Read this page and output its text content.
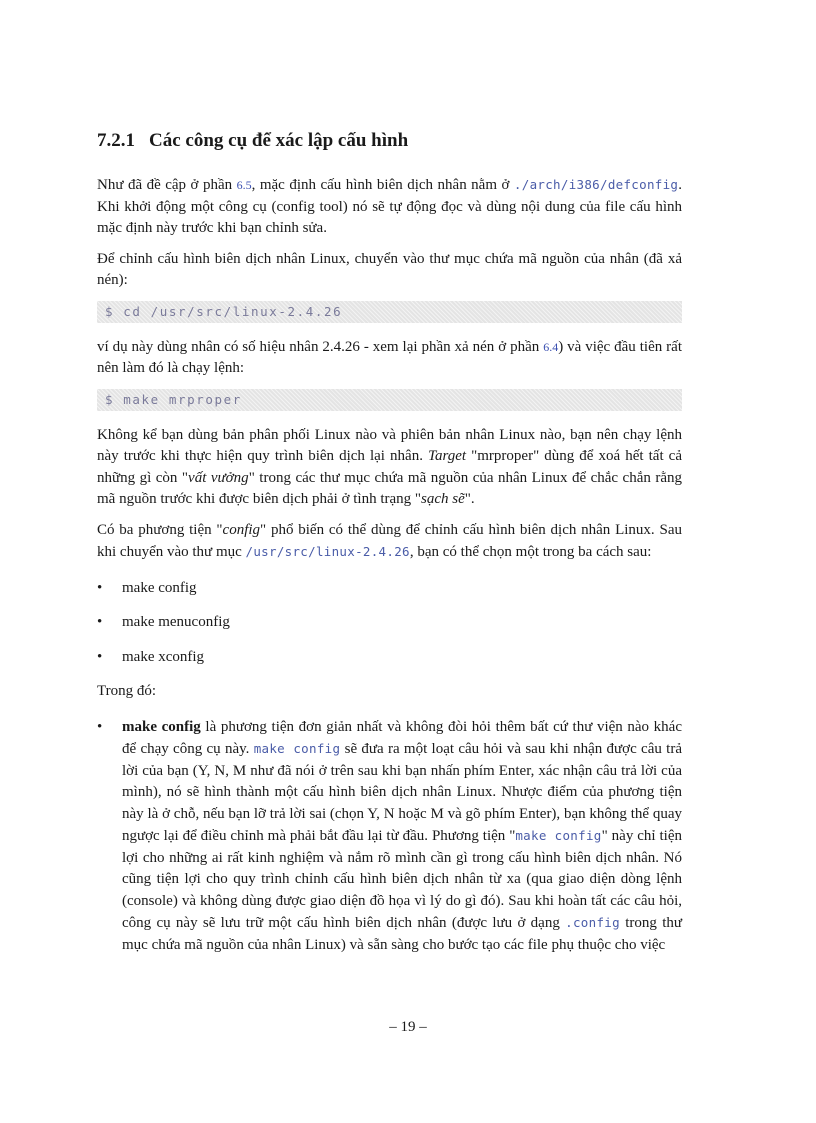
7.2.1 Các công cụ để xác lập cấu hình

Như đã đề cập ở phần 6.5, mặc định cấu hình biên dịch nhân nằm ở ./arch/i386/defconfig. Khi khởi động một công cụ (config tool) nó sẽ tự động đọc và dùng nội dung của file cấu hình mặc định này trước khi bạn chỉnh sửa.

Để chỉnh cấu hình biên dịch nhân Linux, chuyển vào thư mục chứa mã nguồn của nhân (đã xả nén):

$ cd /usr/src/linux-2.4.26

ví dụ này dùng nhân có số hiệu nhân 2.4.26 - xem lại phần xả nén ở phần 6.4) và việc đầu tiên rất nên làm đó là chạy lệnh:

$ make mrproper

Không kể bạn dùng bản phân phối Linux nào và phiên bản nhân Linux nào, bạn nên chạy lệnh này trước khi thực hiện quy trình biên dịch lại nhân. Target "mrproper" dùng để xoá hết tất cả những gì còn "vất vưởng" trong các thư mục chứa mã nguồn của nhân Linux để chắc chắn rằng mã nguồn trước khi được biên dịch phải ở tình trạng "sạch sẽ".

Có ba phương tiện "config" phổ biến có thể dùng để chỉnh cấu hình biên dịch nhân Linux. Sau khi chuyển vào thư mục /usr/src/linux-2.4.26, bạn có thể chọn một trong ba cách sau:

• make config
• make menuconfig
• make xconfig

Trong đó:

• make config là phương tiện đơn giản nhất và không đòi hỏi thêm bất cứ thư viện nào khác để chạy công cụ này. make config sẽ đưa ra một loạt câu hỏi và sau khi nhận được câu trả lời của bạn (Y, N, M như đã nói ở trên sau khi bạn nhấn phím Enter, xác nhận câu trả lời của mình), nó sẽ hình thành một cấu hình biên dịch nhân Linux. Nhược điểm của phương tiện này là ở chỗ, nếu bạn lỡ trả lời sai (chọn Y, N hoặc M và gõ phím Enter), bạn không thể quay ngược lại để điều chỉnh mà phải bắt đầu lại từ đầu. Phương tiện "make config" này chỉ tiện lợi cho những ai rất kinh nghiệm và nắm rõ mình cần gì trong cấu hình biên dịch nhân. Nó cũng tiện lợi cho quy trình chỉnh cấu hình biên dịch nhân từ xa (qua giao diện dòng lệnh (console) và không dùng được giao diện đồ họa vì lý do gì đó). Sau khi hoàn tất các câu hỏi, công cụ này sẽ lưu trữ một cấu hình biên dịch nhân (được lưu ở dạng .config trong thư mục chứa mã nguồn của nhân Linux) và sẵn sàng cho bước tạo các file phụ thuộc cho việc
– 19 –
